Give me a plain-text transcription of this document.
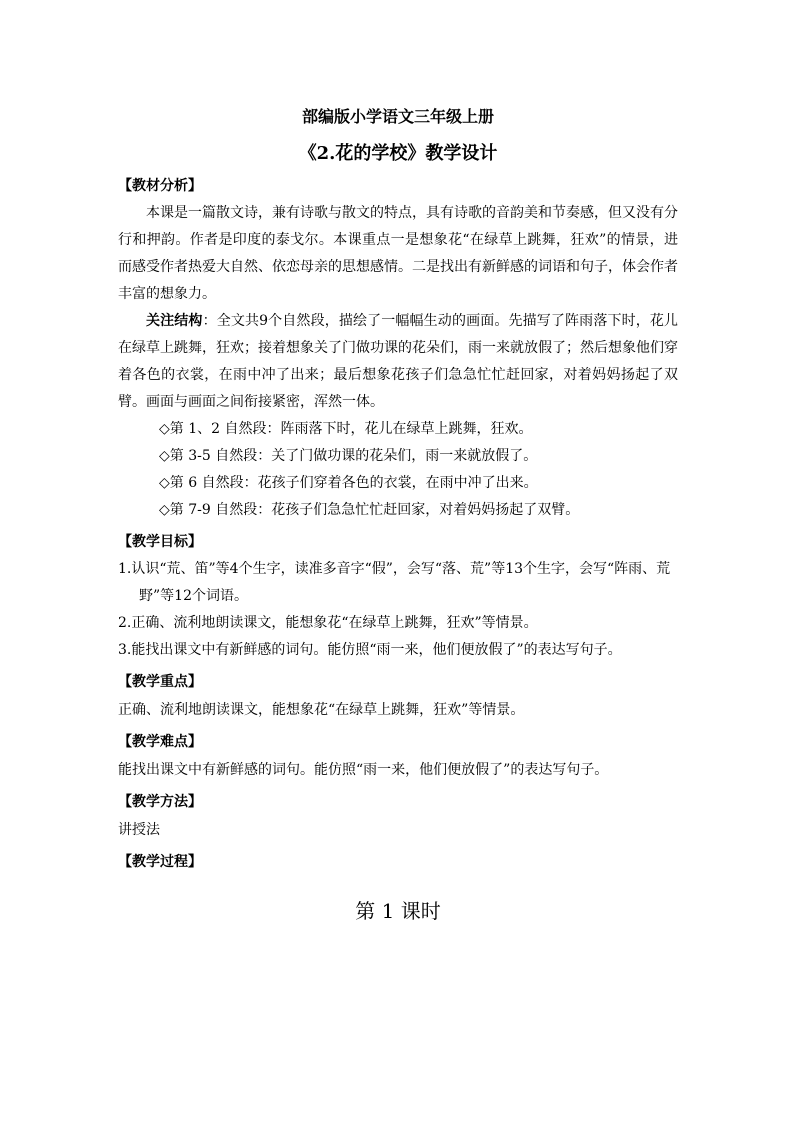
部编版小学语文三年级上册
《2.花的学校》教学设计
【教材分析】

本课是一篇散文诗，兼有诗歌与散文的特点，具有诗歌的音韵美和节奏感，但又没有分行和押韵。作者是印度的泰戈尔。本课重点一是想象花“在绿草上跳舞，狂欢”的情景，进而感受作者热爱大自然、依恋母亲的思想感情。二是找出有新鲜感的词语和句子，体会作者丰富的想象力。

关注结构：全文共9个自然段，描绘了一幅幅生动的画面。先描写了阵雨落下时，花儿在绿草上跳舞，狂欢；接着想象关了门做功课的花朵们，雨一来就放假了；然后想象他们穿着各色的衣裳，在雨中冲了出来；最后想象花孩子们急急忙忙赶回家，对着妈妈扬起了双臂。画面与画面之间衔接紧密，浑然一体。

◇第 1、2 自然段：阵雨落下时，花儿在绿草上跳舞，狂欢。

◇第 3-5 自然段：关了门做功课的花朵们，雨一来就放假了。

◇第 6 自然段：花孩子们穿着各色的衣裳，在雨中冲了出来。

◇第 7-9 自然段：花孩子们急急忙忙赶回家，对着妈妈扬起了双臂。

【教学目标】

1.认识“荒、笛”等4个生字，读准多音字“假”，会写“落、荒”等13个生字，会写“阵雨、荒野”等12个词语。

2.正确、流利地朗读课文，能想象花“在绿草上跳舞，狂欢”等情景。

3.能找出课文中有新鲜感的词句。能仿照“雨一来，他们便放假了”的表达写句子。

【教学重点】

正确、流利地朗读课文，能想象花“在绿草上跳舞，狂欢”等情景。

【教学难点】

能找出课文中有新鲜感的词句。能仿照“雨一来，他们便放假了”的表达写句子。

【教学方法】

讲授法

【教学过程】
第 1 课时
